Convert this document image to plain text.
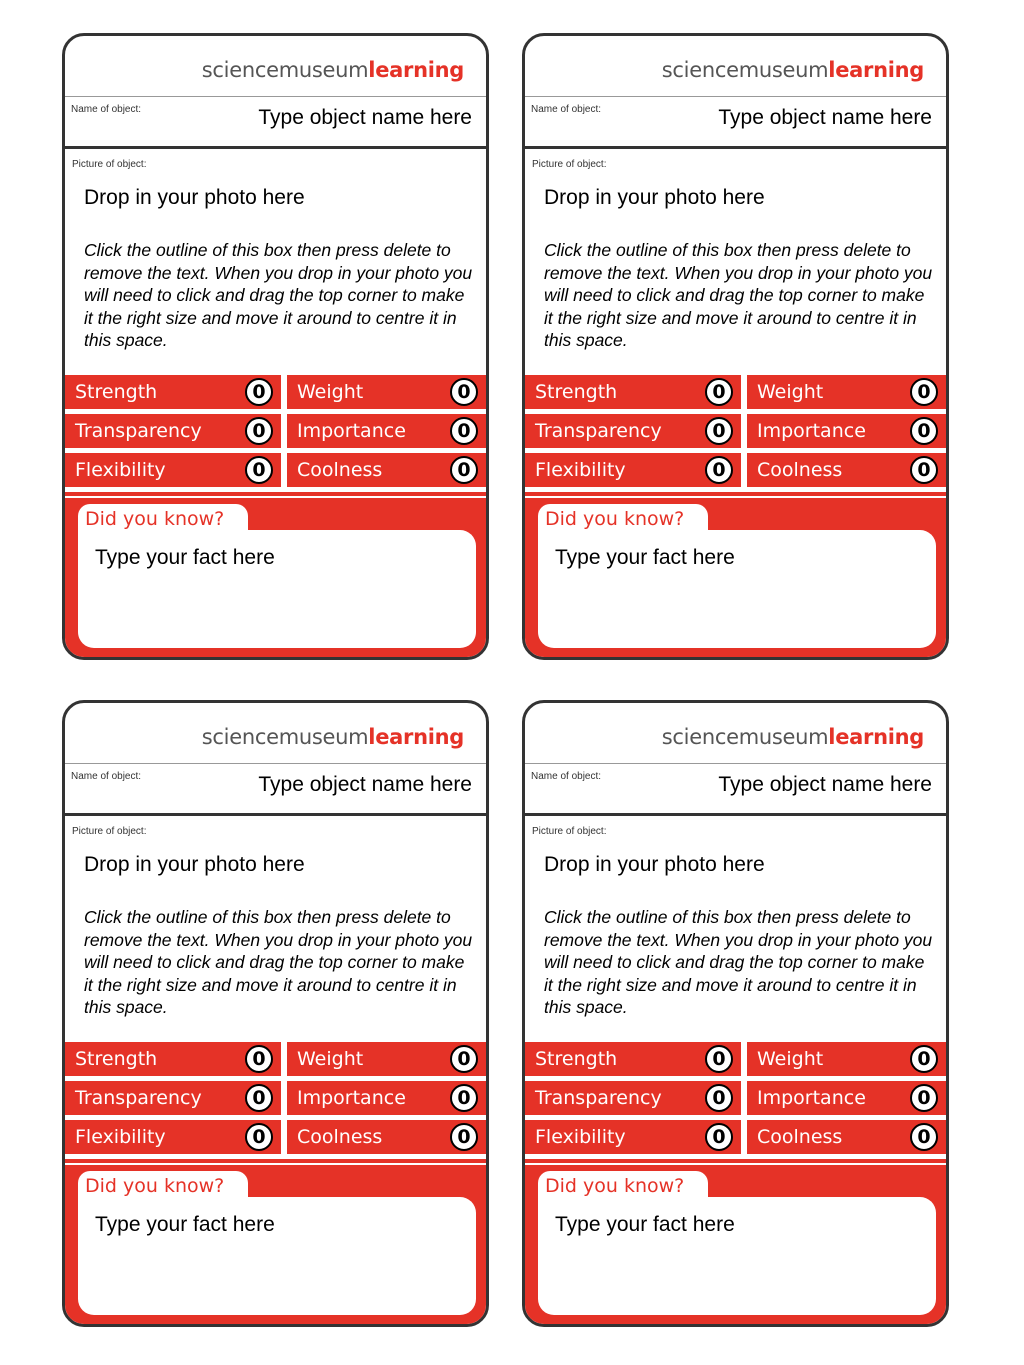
sciencemuseumlearning
Name of object:	Type object name here
Picture of object:
Drop in your photo here
Click the outline of this box then press delete to remove the text. When you drop in your photo you will need to click and drag the top corner to make it the right size and move it around to centre it in this space.
Strength	0	Weight	0
Transparency	0	Importance	0
Flexibility	0	Coolness	0
Did you know?
Type your fact here
sciencemuseumlearning
Name of object:	Type object name here
Picture of object:
Drop in your photo here
Click the outline of this box then press delete to remove the text. When you drop in your photo you will need to click and drag the top corner to make it the right size and move it around to centre it in this space.
Strength	0	Weight	0
Transparency	0	Importance	0
Flexibility	0	Coolness	0
Did you know?
Type your fact here
sciencemuseumlearning
Name of object:	Type object name here
Picture of object:
Drop in your photo here
Click the outline of this box then press delete to remove the text. When you drop in your photo you will need to click and drag the top corner to make it the right size and move it around to centre it in this space.
Strength	0	Weight	0
Transparency	0	Importance	0
Flexibility	0	Coolness	0
Did you know?
Type your fact here
sciencemuseumlearning
Name of object:	Type object name here
Picture of object:
Drop in your photo here
Click the outline of this box then press delete to remove the text. When you drop in your photo you will need to click and drag the top corner to make it the right size and move it around to centre it in this space.
Strength	0	Weight	0
Transparency	0	Importance	0
Flexibility	0	Coolness	0
Did you know?
Type your fact here
